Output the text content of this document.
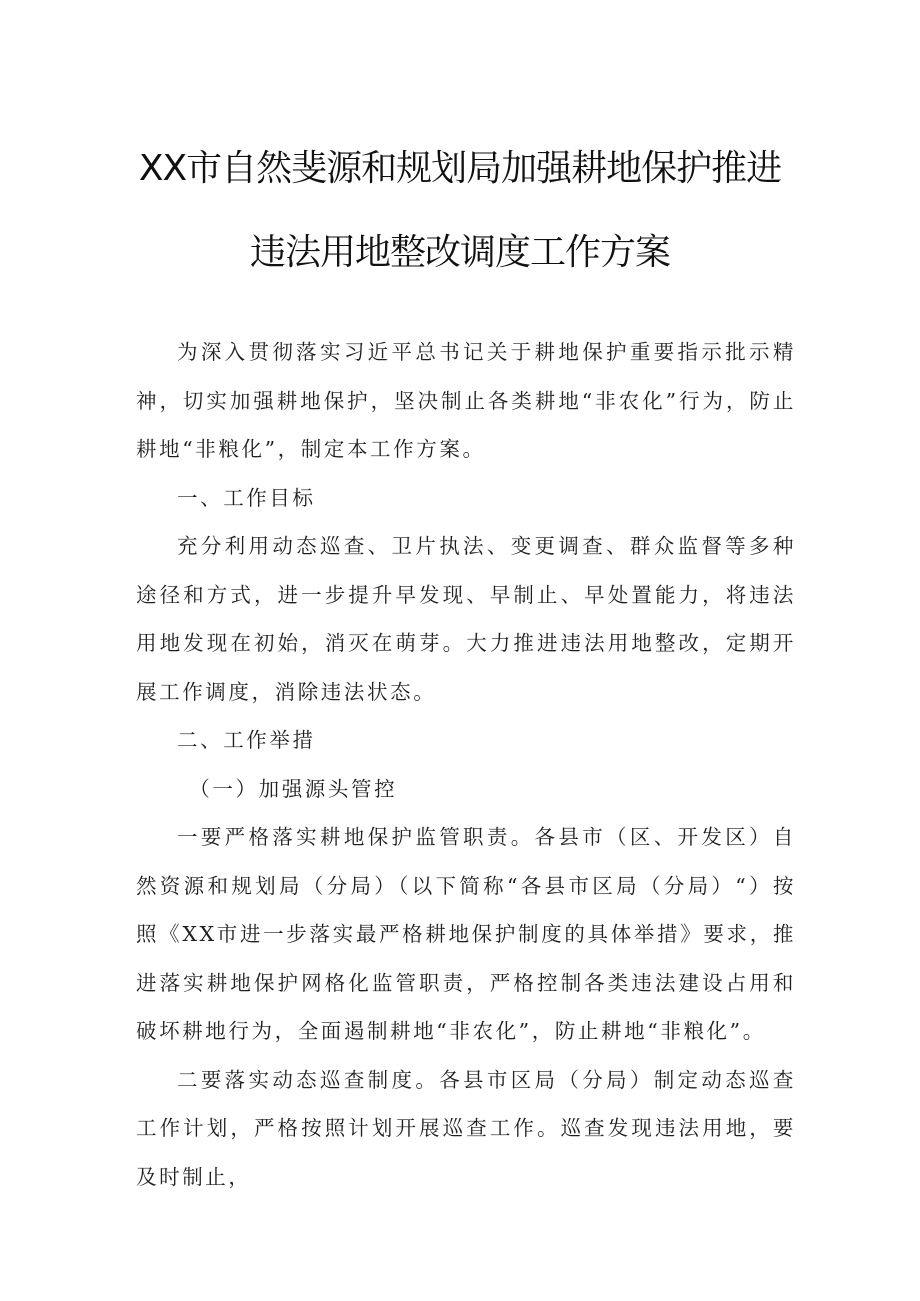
XX市自然斐源和规划局加强耕地保护推进
违法用地整改调度工作方案

为深入贯彻落实习近平总书记关于耕地保护重要指示批示精神，切实加强耕地保护，坚决制止各类耕地“非农化”行为，防止耕地“非粮化”，制定本工作方案。

一、工作目标

充分利用动态巡查、卫片执法、变更调查、群众监督等多种途径和方式，进一步提升早发现、早制止、早处置能力，将违法用地发现在初始，消灭在萌芽。大力推进违法用地整改，定期开展工作调度，消除违法状态。

二、工作举措

（一）加强源头管控

一要严格落实耕地保护监管职责。各县市（区、开发区）自然资源和规划局（分局）（以下简称“各县市区局（分局）“）按照《XX市进一步落实最严格耕地保护制度的具体举措》要求，推进落实耕地保护网格化监管职责，严格控制各类违法建设占用和破坏耕地行为，全面遏制耕地“非农化”，防止耕地“非粮化”。

二要落实动态巡查制度。各县市区局（分局）制定动态巡查工作计划，严格按照计划开展巡查工作。巡查发现违法用地，要及时制止，
